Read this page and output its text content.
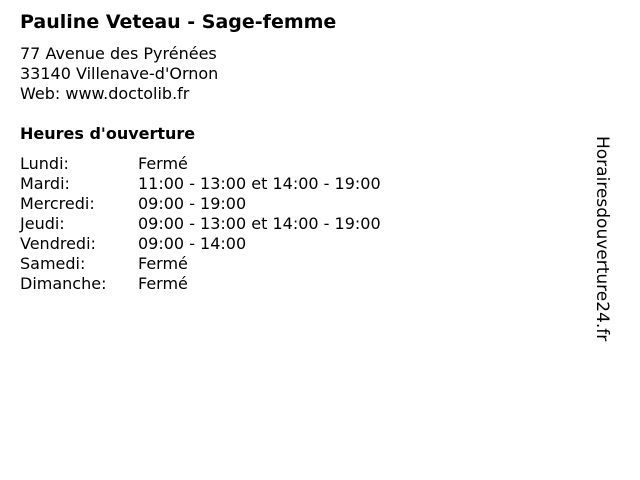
Pauline Veteau - Sage-femme
77 Avenue des Pyrénées
33140 Villenave-d'Ornon
Web: www.doctolib.fr
Heures d'ouverture
Lundi:	Fermé
Mardi:	11:00 - 13:00 et 14:00 - 19:00
Mercredi:	09:00 - 19:00
Jeudi:	09:00 - 13:00 et 14:00 - 19:00
Vendredi:	09:00 - 14:00
Samedi:	Fermé
Dimanche: Fermé	Horairesdouverture24.fr
